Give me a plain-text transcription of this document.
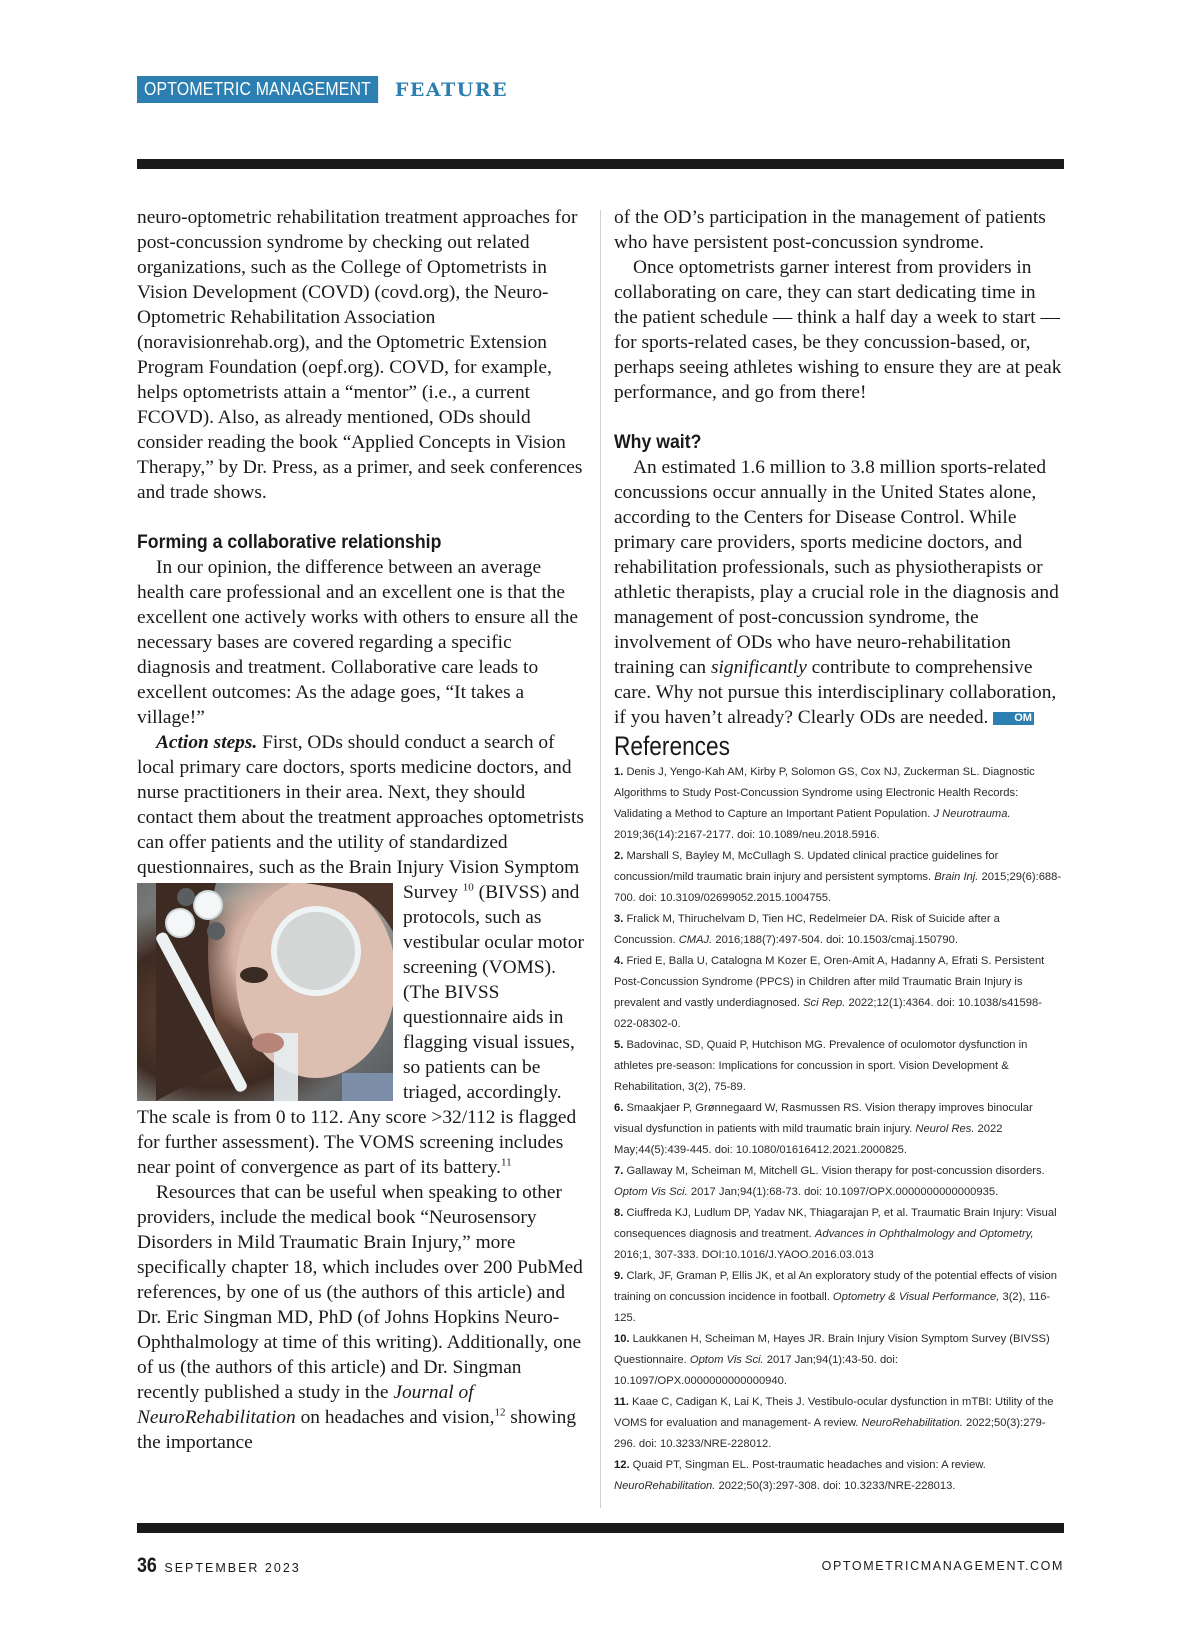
OPTOMETRIC MANAGEMENT	FEATURE

neuro-optometric rehabilitation treatment approaches for post-concussion syndrome by checking out related organizations, such as the College of Optometrists in Vision Development (COVD) (covd.org), the Neuro-Optometric Rehabilitation Association (noravisionrehab.org), and the Optometric Extension Program Foundation (oepf.org). COVD, for example, helps optometrists attain a “mentor” (i.e., a current FCOVD). Also, as already mentioned, ODs should consider reading the book “Applied Concepts in Vision Therapy,” by Dr. Press, as a primer, and seek conferences and trade shows.

Forming a collaborative relationship

In our opinion, the difference between an average health care professional and an excellent one is that the excellent one actively works with others to ensure all the necessary bases are covered regarding a specific diagnosis and treatment. Collaborative care leads to excellent outcomes: As the adage goes, “It takes a village!”

Action steps. First, ODs should conduct a search of local primary care doctors, sports medicine doctors, and nurse practitioners in their area. Next, they should contact them about the treatment approaches optometrists can offer patients and the utility of standardized questionnaires, such as the Brain Injury Vision Symptom Survey $^{10}$ (BIVSS) and protocols, such as vestibular ocular motor screening (VOMS). (The BIVSS questionnaire aids in flagging visual issues, so patients can be triaged, accordingly. The scale is from 0 to 112. Any score >32/112 is flagged for further assessment). The VOMS screening includes near point of convergence as part of its battery.$^{11}$

Resources that can be useful when speaking to other providers, include the medical book “Neurosensory Disorders in Mild Traumatic Brain Injury,” more specifically chapter 18, which includes over 200 PubMed references, by one of us (the authors of this article) and Dr. Eric Singman MD, PhD (of Johns Hopkins Neuro-Ophthalmology at time of this writing). Additionally, one of us (the authors of this article) and Dr. Singman recently published a study in the Journal of NeuroRehabilitation on headaches and vision,$^{12}$ showing the importance

of the OD’s participation in the management of patients who have persistent post-concussion syndrome.

Once optometrists garner interest from providers in collaborating on care, they can start dedicating time in the patient schedule — think a half day a week to start — for sports-related cases, be they concussion-based, or, perhaps seeing athletes wishing to ensure they are at peak performance, and go from there!

Why wait?

An estimated 1.6 million to 3.8 million sports-related concussions occur annually in the United States alone, according to the Centers for Disease Control. While primary care providers, sports medicine doctors, and rehabilitation professionals, such as physiotherapists or athletic therapists, play a crucial role in the diagnosis and management of post-concussion syndrome, the involvement of ODs who have neuro-rehabilitation training can significantly contribute to comprehensive care. Why not pursue this interdisciplinary collaboration, if you haven’t already? Clearly ODs are needed. OM

References

1. Denis J, Yengo-Kah AM, Kirby P, Solomon GS, Cox NJ, Zuckerman SL. Diagnostic Algorithms to Study Post-Concussion Syndrome using Electronic Health Records: Validating a Method to Capture an Important Patient Population. J Neurotrauma. 2019;36(14):2167-2177. doi: 10.1089/neu.2018.5916.

2. Marshall S, Bayley M, McCullagh S. Updated clinical practice guidelines for concussion/mild traumatic brain injury and persistent symptoms. Brain Inj. 2015;29(6):688-700. doi: 10.3109/02699052.2015.1004755.

3. Fralick M, Thiruchelvam D, Tien HC, Redelmeier DA. Risk of Suicide after a Concussion. CMAJ. 2016;188(7):497-504. doi: 10.1503/cmaj.150790.

4. Fried E, Balla U, Catalogna M Kozer E, Oren-Amit A, Hadanny A, Efrati S. Persistent Post-Concussion Syndrome (PPCS) in Children after mild Traumatic Brain Injury is prevalent and vastly underdiagnosed. Sci Rep. 2022;12(1):4364. doi: 10.1038/s41598-022-08302-0.

5. Badovinac, SD, Quaid P, Hutchison MG. Prevalence of oculomotor dysfunction in athletes pre-season: Implications for concussion in sport. Vision Development & Rehabilitation, 3(2), 75-89.

6. Smaakjaer P, Grønnegaard W, Rasmussen RS. Vision therapy improves binocular visual dysfunction in patients with mild traumatic brain injury. Neurol Res. 2022 May;44(5):439-445. doi: 10.1080/01616412.2021.2000825.

7. Gallaway M, Scheiman M, Mitchell GL. Vision therapy for post-concussion disorders. Optom Vis Sci. 2017 Jan;94(1):68-73. doi: 10.1097/OPX.0000000000000935.

8. Ciuffreda KJ, Ludlum DP, Yadav NK, Thiagarajan P, et al. Traumatic Brain Injury: Visual consequences diagnosis and treatment. Advances in Ophthalmology and Optometry, 2016;1, 307-333. DOI:10.1016/J.YAOO.2016.03.013

9. Clark, JF, Graman P, Ellis JK, et al An exploratory study of the potential effects of vision training on concussion incidence in football. Optometry & Visual Performance, 3(2), 116-125.

10. Laukkanen H, Scheiman M, Hayes JR. Brain Injury Vision Symptom Survey (BIVSS) Questionnaire. Optom Vis Sci. 2017 Jan;94(1):43-50. doi: 10.1097/OPX.0000000000000940.

11. Kaae C, Cadigan K, Lai K, Theis J. Vestibulo-ocular dysfunction in mTBI: Utility of the VOMS for evaluation and management- A review. NeuroRehabilitation. 2022;50(3):279-296. doi: 10.3233/NRE-228012.

12. Quaid PT, Singman EL. Post-traumatic headaches and vision: A review. NeuroRehabilitation. 2022;50(3):297-308. doi: 10.3233/NRE-228013.

36 SEPTEMBER 2023	OPTOMETRICMANAGEMENT.COM
